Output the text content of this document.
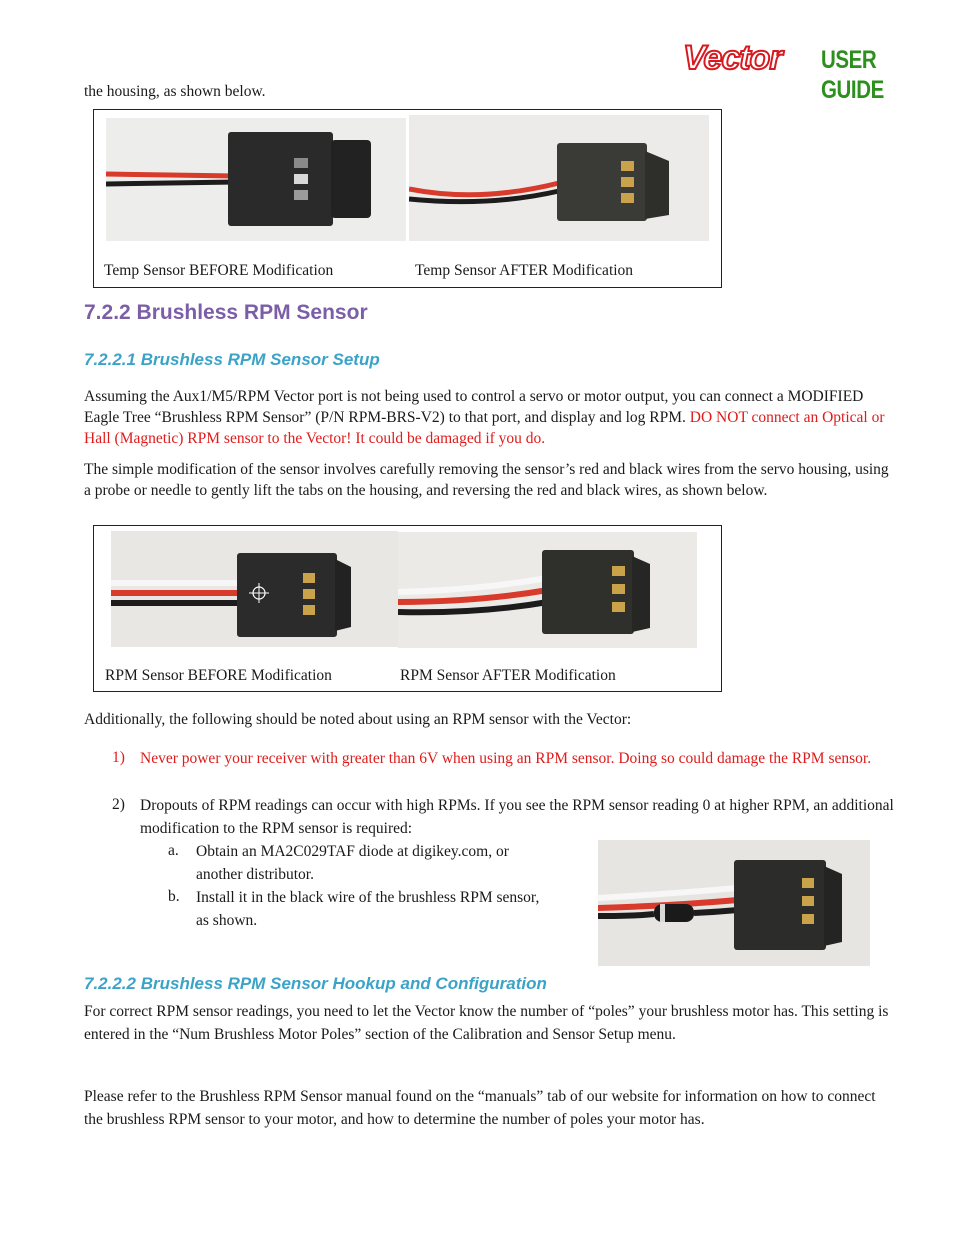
Vector USER GUIDE
the housing, as shown below.
Temp Sensor BEFORE Modification	Temp Sensor AFTER Modification
7.2.2 Brushless RPM Sensor
7.2.2.1 Brushless RPM Sensor Setup
Assuming the Aux1/M5/RPM Vector port is not being used to control a servo or motor output, you can connect a MODIFIED Eagle Tree “Brushless RPM Sensor” (P/N RPM-BRS-V2) to that port, and display and log RPM. DO NOT connect an Optical or Hall (Magnetic) RPM sensor to the Vector! It could be damaged if you do.
The simple modification of the sensor involves carefully removing the sensor’s red and black wires from the servo housing, using a probe or needle to gently lift the tabs on the housing, and reversing the red and black wires, as shown below.
RPM Sensor BEFORE Modification	RPM Sensor AFTER Modification
Additionally, the following should be noted about using an RPM sensor with the Vector:
1) Never power your receiver with greater than 6V when using an RPM sensor. Doing so could damage the RPM sensor.
2) Dropouts of RPM readings can occur with high RPMs. If you see the RPM sensor reading 0 at higher RPM, an additional modification to the RPM sensor is required:
a.	Obtain an MA2C029TAF diode at digikey.com, or another distributor.
b.	Install it in the black wire of the brushless RPM sensor, as shown.
7.2.2.2 Brushless RPM Sensor Hookup and Configuration
For correct RPM sensor readings, you need to let the Vector know the number of “poles” your brushless motor has. This setting is entered in the “Num Brushless Motor Poles” section of the Calibration and Sensor Setup menu.
Please refer to the Brushless RPM Sensor manual found on the “manuals” tab of our website for information on how to connect the brushless RPM sensor to your motor, and how to determine the number of poles your motor has.
